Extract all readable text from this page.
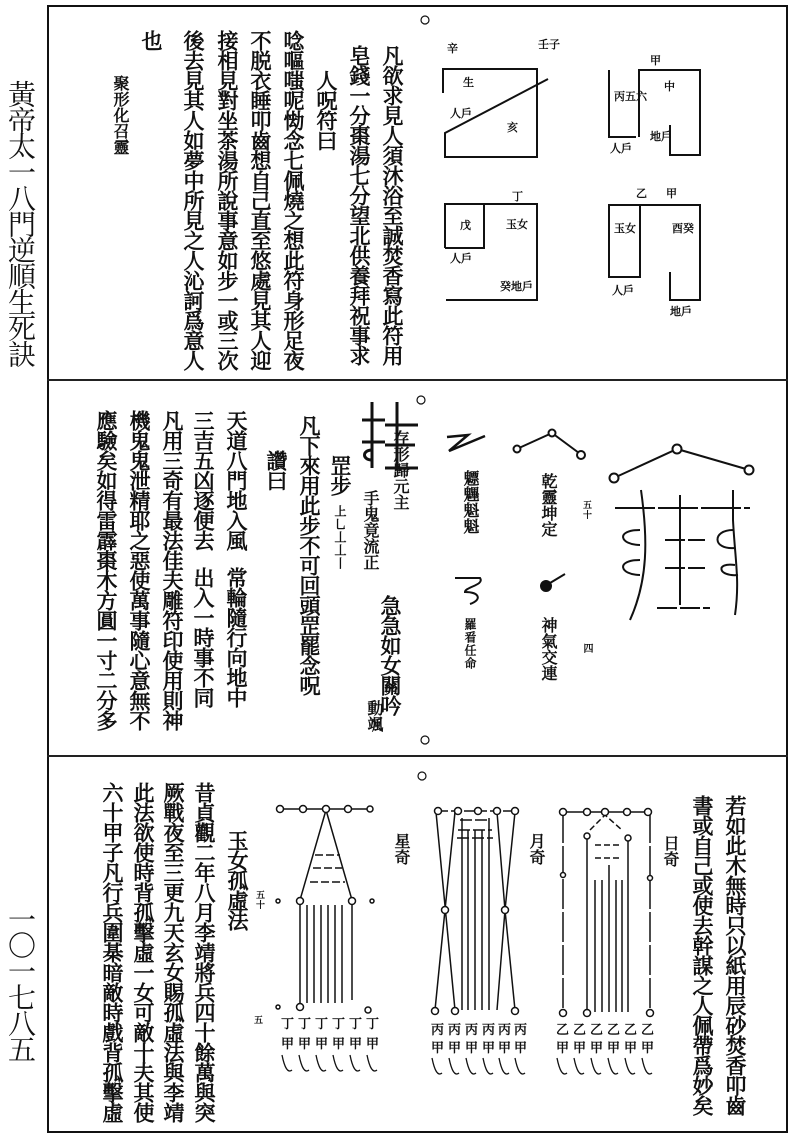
黃帝太一八門逆順生死訣
一〇一七八五
凡欲求見人須沐浴至誠焚香寫此符用
皂錢一分棗湯七分望北供養拜祝事求
人呪符曰
唸嘔嗤呢㤼念七佩燒之想此符身形足夜
不脱衣睡叩齒想自己直至悠處見其人迎
接相見對坐茶湯所說事意如步一或三次
後去見其人如夢中所見之人沁訶爲意人
也
聚形化召靈
存形歸元主
手鬼竟流正
急急如女關吟
動颯
罡步
上乚丄丄丨
凡下來用此步不可回頭罡罷念呪
讚曰
天道八門地入風
常輪隨行向地中
三吉五凶逐便去
出入一時事不同
凡用三奇有最法佳夫雕符印使用則神
機鬼鬼泄精耶之惡使萬事隨心意無不
應驗矣如得雷霹棗木方圓一寸二分多	魒魓魁魁
羅㸔任命
乾靈坤定
神氣交連
五十
四
若如此木無時只以紙用辰砂焚香叩齒
書或自己或使去幹謀之人佩帶爲妙矣
日奇
月奇
星奇
玉女孤虛法 五十
五
昔貞觀二年八月李靖將兵四十餘萬與突
厥戰夜至三更九天玄女賜孤虛法與李靖
此法欲使時背孤擊虛一女可敵十夫其使
六十甲子凡行兵圍棊暗敵時戲背孤擊虛
辛	壬子
生
人戶
亥
甲
丙五六
中
地戶
人戶
丁
戊	玉女
人戶
癸地戶
乙 甲
玉女	酉癸
人戶
地戶
丁 丁 丁 丁 丁 丁
甲 甲 甲 甲 甲 甲
丙 丙 丙 丙 丙 丙
甲 甲 甲 甲 甲 甲
乙 乙 乙 乙 乙 乙
甲 甲 甲 甲 甲 甲
